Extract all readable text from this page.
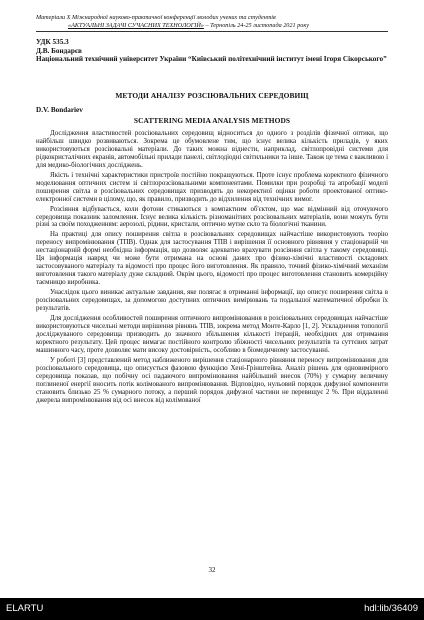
Матеріали Х Міжнародної науково-практичної конференції молодих учених та студентів
«АКТУАЛЬНІ ЗАДАЧІ СУЧАСНИХ ТЕХНОЛОГІЙ» – Тернопіль 24-25 листопада 2021 року
УДК 535.3
Д.В. Бондарєв
Національний технічний університет України “Київський політехнічний інститут імені Ігоря Сікорського”
МЕТОДИ АНАЛІЗУ РОЗСІЮВАЛЬНИХ СЕРЕДОВИЩ
D.V. Bondariev
SCATTERING MEDIA ANALYSIS METHODS

Дослідження властивостей розсіювальних середовищ відноситься до одного з розділів фізичної оптики, що найбільш швидко розвиваються. Зокрема це обумовлене тим, що існує велика кількість приладів, у яких використовуються розсіювальні матеріали. До таких можна віднести, наприклад, світлопровідні системи для рідкокристалічних екранів, автомобільні прилади панелі, світлодіодні світильники та інше. Також це тема є важливою і для медико-біологічних досліджень.

Якість і технічні характеристики пристроїв постійно покращуються. Проте існує проблема коректного фізичного моделювання оптичних систем зі світлорозсіювальними компонентами. Помилки при розробці та апробації моделі поширення світла в розсіювальних середовищах призводять до некоректної оцінки роботи проектованої оптико-електронної системи в цілому, що, як правило, призводить до відхилення від технічних вимог.

Розсіяння відбувається, коли фотони стикаються з компактним об'єктом, що має відмінний від оточуючого середовища показник заломлення. Існує велика кількість різноманітних розсіювальних матеріалів, вони можуть бути різні за своїм походженням: аерозолі, рідини, кристали, оптично мутне скло та біологічні тканини.

На практиці для опису поширення світла в розсіювальних середовищах найчастіше використовують теорію переносу випромінювання (ТПВ). Однак для застосування ТПВ і вирішення її основного рівняння у стаціонарній чи нестаціонарній формі необхідна інформація, що дозволяє адекватно врахувати розсіяння світла у такому середовищі. Ця інформація навряд чи може бути отримана на основі даних про фізико-хімічні властивості складових застосовуваного матеріалу та відомості про процес його виготовлення. Як правило, точний фізико-хімічний механізм виготовлення такого матеріалу дуже складний. Окрім цього, відомості про процес виготовлення становить комерційну таємницю виробника.

Унаслідок цього виникає актуальне завдання, яке полягає в отриманні інформації, що описує поширення світла в розсіювальних середовищах, за допомогою доступних оптичних вимірювань та подальшої математичної обробки їх результатів.

Для дослідження особливостей поширення оптичного випромінювання в розсіювальних середовищах найчастіше використовуються чисельні методи вирішення рівнянь ТПВ, зокрема метод Монте-Карло [1, 2]. Ускладнення топології досліджуваного середовища призводить до значного збільшення кількості ітерацій, необхідних для отримання коректного результату. Цей процес вимагає постійного контролю збіжності чисельних результатів та суттєвих затрат машинного часу, проте дозволяє мати високу достовірність, особливо в біомедичному застосуванні.

У роботі [3] представлений метод наближеного вирішення стаціонарного рівняння переносу випромінювання для розсіювального середовища, що описується фазовою функцією Хені-Грінштейна. Аналіз рішень для одновимірного середовища показав, що побічну осі падаючого випромінювання найбільший внесок (70%) у сумарну величину поглиненої енергії вносить потік колімованого випромінювання. Відповідно, нульовий порядок дифузної компоненти становить близько 25 % сумарного потоку, а перший порядок дифузної частини не перевищує 2 %. При віддаленні джерела випромінювання від осі внесок від колімованої

32
ELARTU	hdl:lib/36409
